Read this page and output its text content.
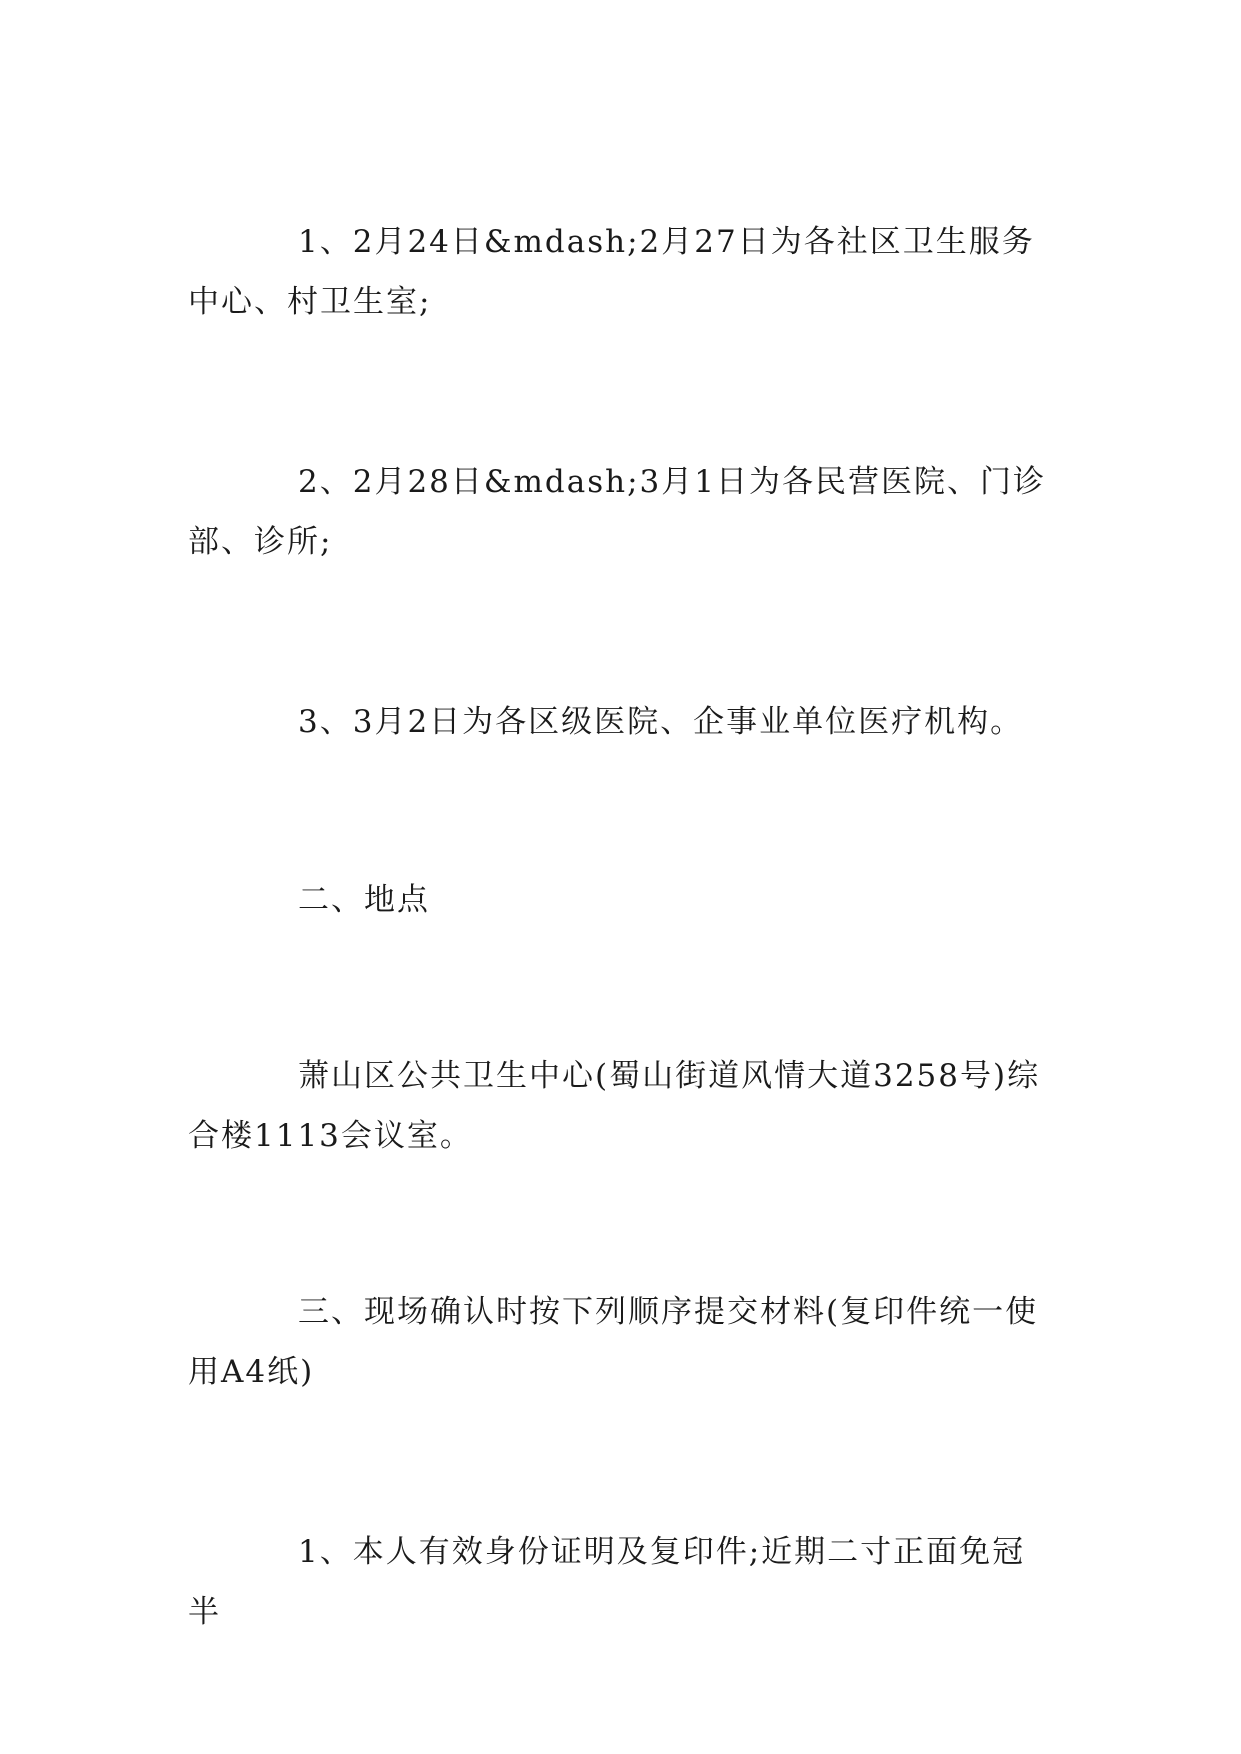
1、2月24日&mdash;2月27日为各社区卫生服务中心、村卫生室;

2、2月28日&mdash;3月1日为各民营医院、门诊部、诊所;

3、3月2日为各区级医院、企事业单位医疗机构。

二、地点

萧山区公共卫生中心(蜀山街道风情大道3258号)综合楼1113会议室。

三、现场确认时按下列顺序提交材料(复印件统一使用A4纸)

1、本人有效身份证明及复印件;近期二寸正面免冠半
